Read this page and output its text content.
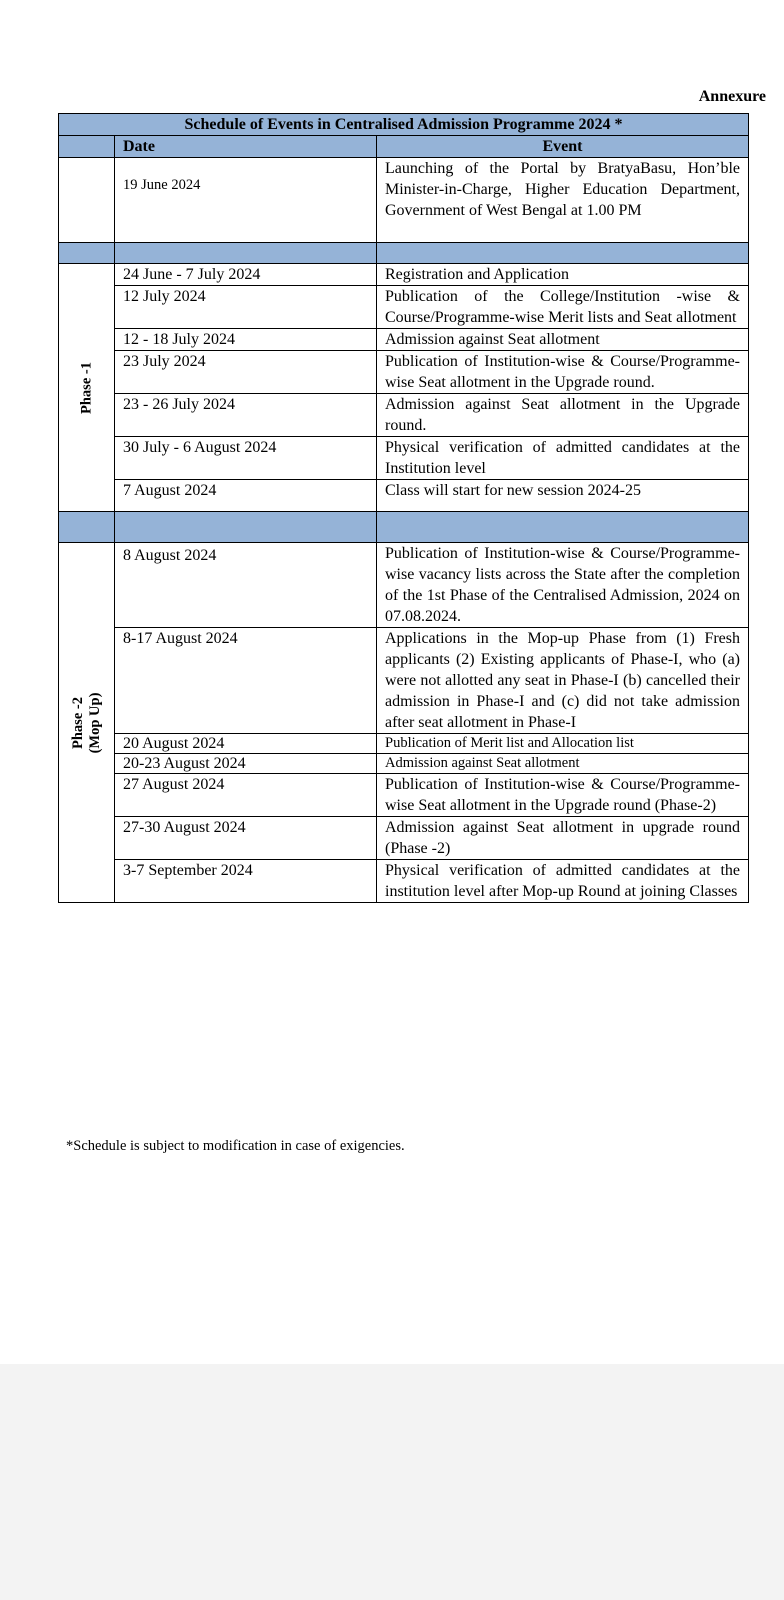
Annexure
Schedule of Events in Centralised Admission Programme 2024 *		
	Date	Event
	19 June 2024	Launching of the Portal by BratyaBasu, Hon’ble Minister-in-Charge, Higher Education Department, Government of West Bengal at 1.00 PM

Phase -1	24 June - 7 July 2024	Registration and Application
	12 July 2024	Publication of the College/Institution -wise & Course/Programme-wise Merit lists and Seat allotment
	12 - 18 July 2024	Admission against Seat allotment
	23 July 2024	Publication of Institution-wise & Course/Programme-wise Seat allotment in the Upgrade round.
	23 - 26 July 2024	Admission against Seat allotment in the Upgrade round.
	30 July - 6 August 2024	Physical verification of admitted candidates at the Institution level
	7 August 2024	Class will start for new session 2024-25

Phase -2 (Mop Up)	8 August 2024	Publication of Institution-wise & Course/Programme-wise vacancy lists across the State after the completion of the 1st Phase of the Centralised Admission, 2024 on 07.08.2024.
	8-17 August 2024	Applications in the Mop-up Phase from (1) Fresh applicants (2) Existing applicants of Phase-I, who (a) were not allotted any seat in Phase-I (b) cancelled their admission in Phase-I and (c) did not take admission after seat allotment in Phase-I
	20 August 2024	Publication of Merit list and Allocation list
	20-23 August 2024	Admission against Seat allotment
	27 August 2024	Publication of Institution-wise & Course/Programme-wise Seat allotment in the Upgrade round (Phase-2)
	27-30 August 2024	Admission against Seat allotment in upgrade round (Phase -2)
	3-7 September 2024	Physical verification of admitted candidates at the institution level after Mop-up Round at joining Classes
*Schedule is subject to modification in case of exigencies.
